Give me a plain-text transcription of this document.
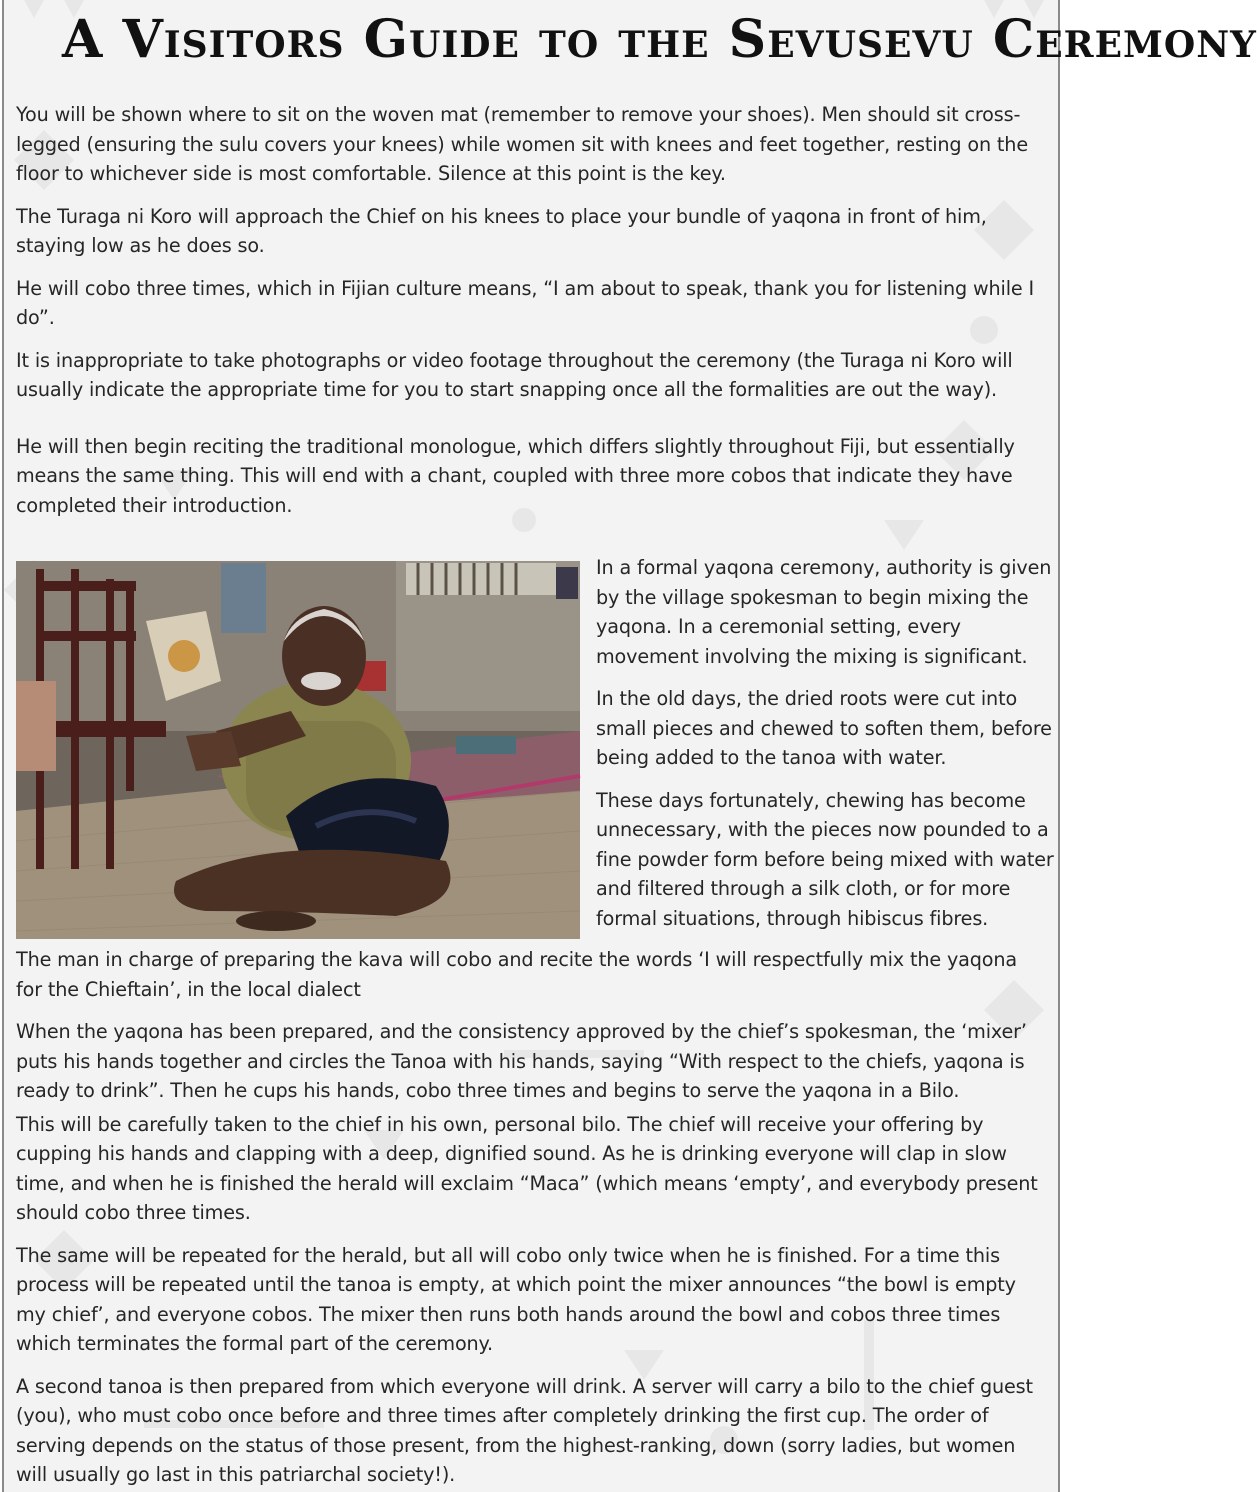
A Visitors Guide to the Sevusevu Ceremony

You will be shown where to sit on the woven mat (remember to remove your shoes). Men should sit cross-legged (ensuring the sulu covers your knees) while women sit with knees and feet together, resting on the floor to whichever side is most comfortable. Silence at this point is the key.

The Turaga ni Koro will approach the Chief on his knees to place your bundle of yaqona in front of him, staying low as he does so.

He will cobo three times, which in Fijian culture means, “I am about to speak, thank you for listening while I do”.

It is inappropriate to take photographs or video footage throughout the ceremony (the Turaga ni Koro will usually indicate the appropriate time for you to start snapping once all the formalities are out the way).

He will then begin reciting the traditional monologue, which differs slightly throughout Fiji, but essentially means the same thing. This will end with a chant, coupled with three more cobos that indicate they have completed their introduction.

In a formal yaqona ceremony, authority is given by the village spokesman to begin mixing the yaqona. In a ceremonial setting, every movement involving the mixing is significant.

In the old days, the dried roots were cut into small pieces and chewed to soften them, before being added to the tanoa with water.

These days fortunately, chewing has become unnecessary, with the pieces now pounded to a fine powder form before being mixed with water and filtered through a silk cloth, or for more formal situations, through hibiscus fibres.

The man in charge of preparing the kava will cobo and recite the words ‘I will respectfully mix the yaqona for the Chieftain’, in the local dialect

When the yaqona has been prepared, and the consistency approved by the chief’s spokesman, the ‘mixer’ puts his hands together and circles the Tanoa with his hands, saying “With respect to the chiefs, yaqona is ready to drink”. Then he cups his hands, cobo three times and begins to serve the yaqona in a Bilo.

This will be carefully taken to the chief in his own, personal bilo. The chief will receive your offering by cupping his hands and clapping with a deep, dignified sound. As he is drinking everyone will clap in slow time, and when he is finished the herald will exclaim “Maca” (which means ‘empty’, and everybody present should cobo three times.

The same will be repeated for the herald, but all will cobo only twice when he is finished. For a time this process will be repeated until the tanoa is empty, at which point the mixer announces “the bowl is empty my chief’, and everyone cobos. The mixer then runs both hands around the bowl and cobos three times which terminates the formal part of the ceremony.

A second tanoa is then prepared from which everyone will drink. A server will carry a bilo to the chief guest (you), who must cobo once before and three times after completely drinking the first cup. The order of serving depends on the status of those present, from the highest-ranking, down (sorry ladies, but women will usually go last in this patriarchal society!).
